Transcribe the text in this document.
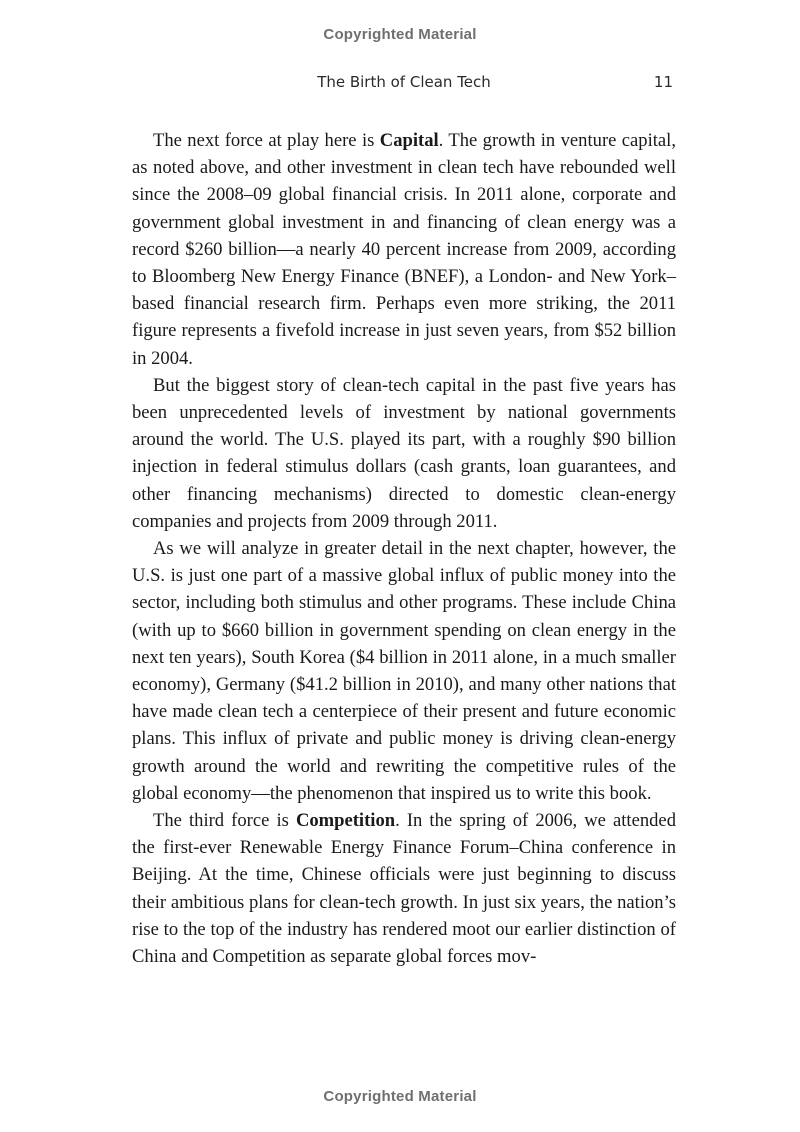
Copyrighted Material
The Birth of Clean Tech	11

The next force at play here is Capital. The growth in venture capital, as noted above, and other investment in clean tech have rebounded well since the 2008–09 global financial crisis. In 2011 alone, corporate and government global investment in and financing of clean energy was a record $260 billion—a nearly 40 percent increase from 2009, according to Bloomberg New Energy Finance (BNEF), a London- and New York–based financial research firm. Perhaps even more striking, the 2011 figure represents a fivefold increase in just seven years, from $52 billion in 2004.

But the biggest story of clean-tech capital in the past five years has been unprecedented levels of investment by national governments around the world. The U.S. played its part, with a roughly $90 billion injection in federal stimulus dollars (cash grants, loan guarantees, and other financing mechanisms) directed to domestic clean-energy companies and projects from 2009 through 2011.

As we will analyze in greater detail in the next chapter, however, the U.S. is just one part of a massive global influx of public money into the sector, including both stimulus and other programs. These include China (with up to $660 billion in government spending on clean energy in the next ten years), South Korea ($4 billion in 2011 alone, in a much smaller economy), Germany ($41.2 billion in 2010), and many other nations that have made clean tech a centerpiece of their present and future economic plans. This influx of private and public money is driving clean-energy growth around the world and rewriting the competitive rules of the global economy—the phenomenon that inspired us to write this book.

The third force is Competition. In the spring of 2006, we attended the first-ever Renewable Energy Finance Forum–China conference in Beijing. At the time, Chinese officials were just beginning to discuss their ambitious plans for clean-tech growth. In just six years, the nation’s rise to the top of the industry has rendered moot our earlier distinction of China and Competition as separate global forces mov-

Copyrighted Material
